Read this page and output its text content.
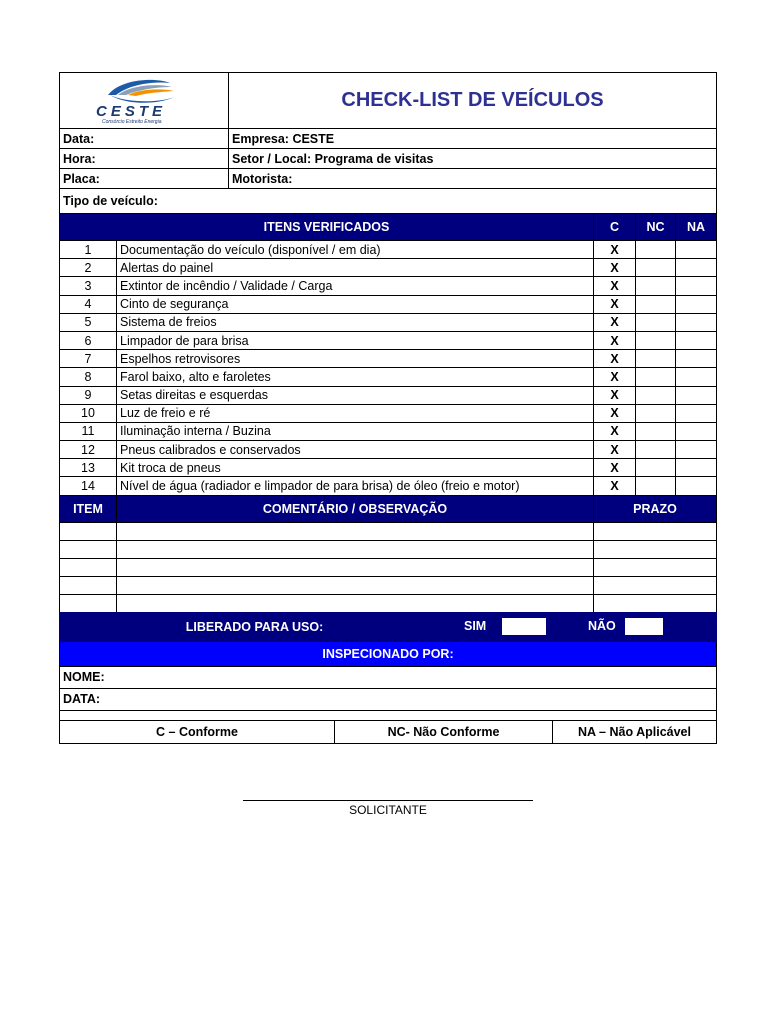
CESTE
Consórcio Estreito Energia
	CHECK-LIST DE VEÍCULOS
Data:	Empresa: CESTE
Hora:	Setor / Local: Programa de visitas
Placa:	Motorista:
Tipo de veículo:	
ITENS VERIFICADOS		C	NC	NA
1	Documentação do veículo (disponível / em dia)	X		
2	Alertas do painel	X		
3	Extintor de incêndio / Validade / Carga	X		
4	Cinto de segurança	X		
5	Sistema de freios	X		
6	Limpador de para brisa	X		
7	Espelhos retrovisores	X		
8	Farol baixo, alto e faroletes	X		
9	Setas direitas e esquerdas	X		
10	Luz de freio e ré	X		
11	Iluminação interna / Buzina	X		
12	Pneus calibrados e conservados	X		
13	Kit troca de pneus	X		
14	Nível de água (radiador e limpador de para brisa) de óleo (freio e motor)	X		
ITEM	COMENTÁRIO / OBSERVAÇÃO	PRAZO

LIBERADO PARA USO:	SIM	NÃO
INSPECIONADO POR:
NOME:
DATA:

C – Conforme	NC- Não Conforme	NA – Não Aplicável
SOLICITANTE
